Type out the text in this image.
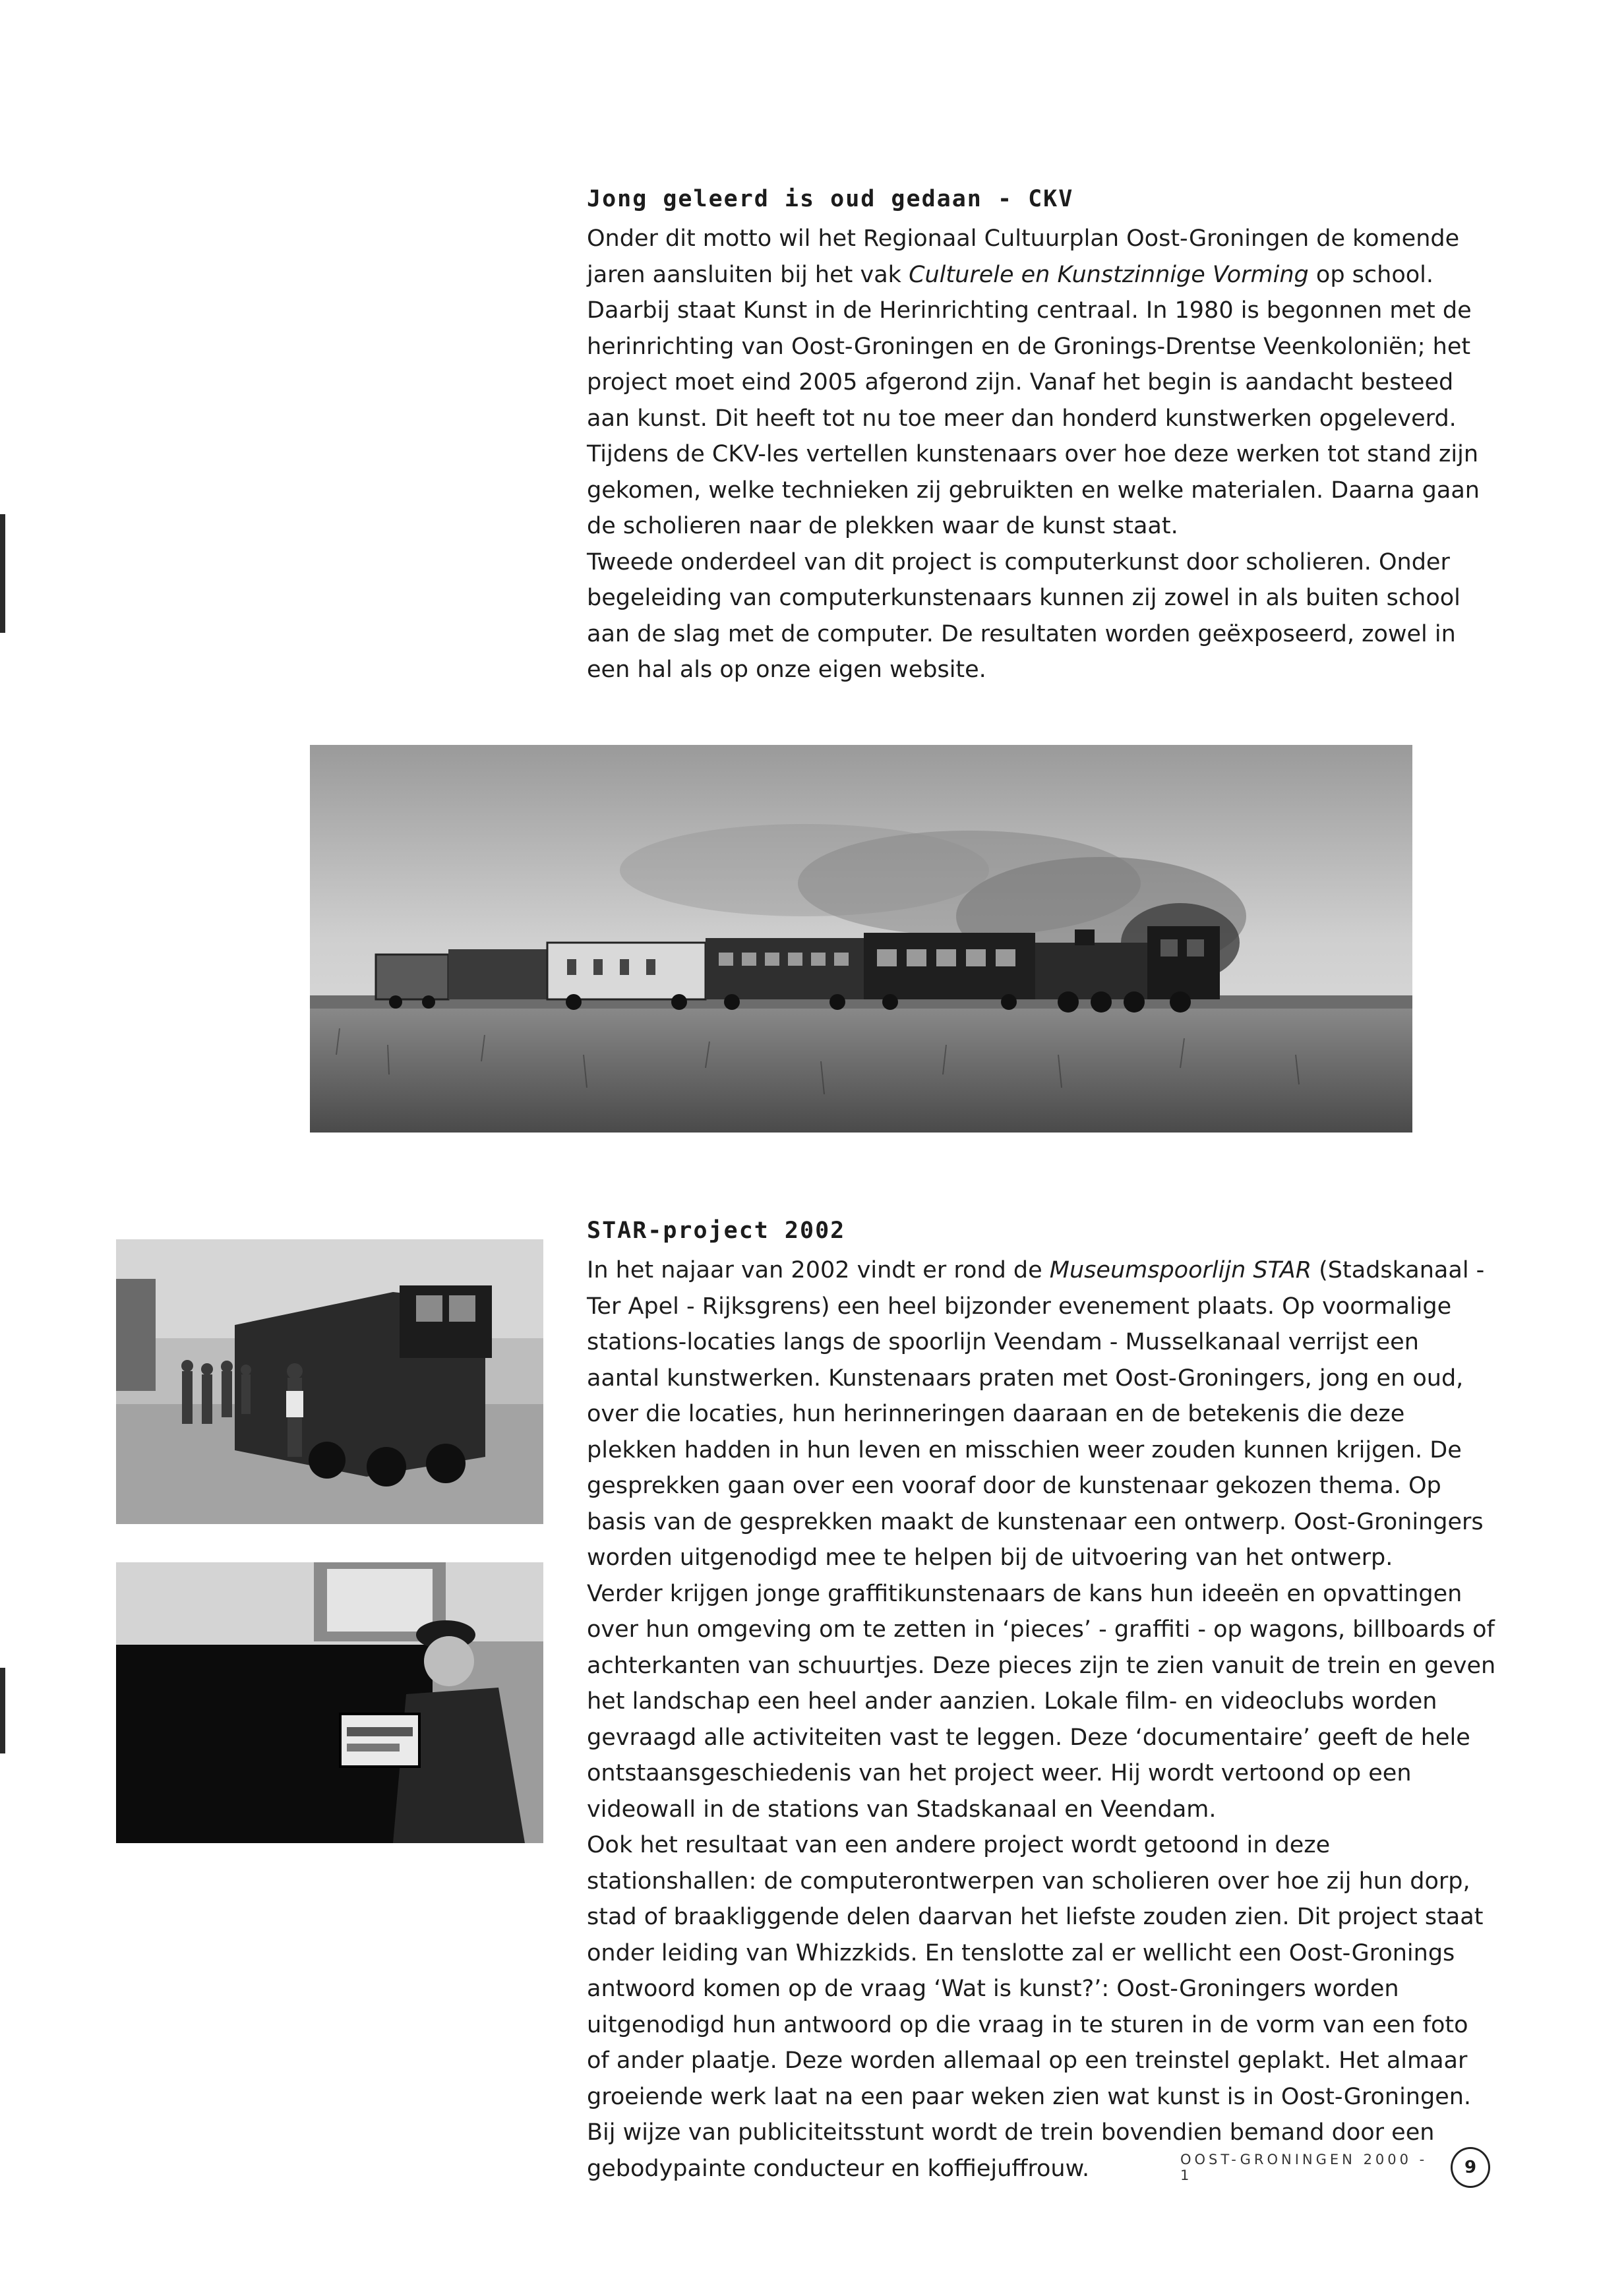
Jong geleerd is oud gedaan - CKV

Onder dit motto wil het Regionaal Cultuurplan Oost-Groningen de komende jaren aansluiten bij het vak Culturele en Kunstzinnige Vorming op school. Daarbij staat Kunst in de Herinrichting centraal. In 1980 is begonnen met de herinrichting van Oost-Groningen en de Gronings-Drentse Veenkoloniën; het project moet eind 2005 afgerond zijn. Vanaf het begin is aandacht besteed aan kunst. Dit heeft tot nu toe meer dan honderd kunstwerken opgeleverd. Tijdens de CKV-les vertellen kunstenaars over hoe deze werken tot stand zijn gekomen, welke technieken zij gebruikten en welke materialen. Daarna gaan de scholieren naar de plekken waar de kunst staat.

Tweede onderdeel van dit project is computerkunst door scholieren. Onder begeleiding van computerkunstenaars kunnen zij zowel in als buiten school aan de slag met de computer. De resultaten worden geëxposeerd, zowel in een hal als op onze eigen website.

STAR-project 2002

In het najaar van 2002 vindt er rond de Museumspoorlijn STAR (Stadskanaal - Ter Apel - Rijksgrens) een heel bijzonder evenement plaats. Op voormalige stations-locaties langs de spoorlijn Veendam - Musselkanaal verrijst een aantal kunstwerken. Kunstenaars praten met Oost-Groningers, jong en oud, over die locaties, hun herinneringen daaraan en de betekenis die deze plekken hadden in hun leven en misschien weer zouden kunnen krijgen. De gesprekken gaan over een vooraf door de kunstenaar gekozen thema. Op basis van de gesprekken maakt de kunstenaar een ontwerp. Oost-Groningers worden uitgenodigd mee te helpen bij de uitvoering van het ontwerp.

Verder krijgen jonge graffitikunstenaars de kans hun ideeën en opvattingen over hun omgeving om te zetten in ‘pieces’ - graffiti - op wagons, billboards of achterkanten van schuurtjes. Deze pieces zijn te zien vanuit de trein en geven het landschap een heel ander aanzien. Lokale film- en videoclubs worden gevraagd alle activiteiten vast te leggen. Deze ‘documentaire’ geeft de hele ontstaansgeschiedenis van het project weer. Hij wordt vertoond op een videowall in de stations van Stadskanaal en Veendam.

Ook het resultaat van een andere project wordt getoond in deze stationshallen: de computerontwerpen van scholieren over hoe zij hun dorp, stad of braakliggende delen daarvan het liefste zouden zien. Dit project staat onder leiding van Whizzkids. En tenslotte zal er wellicht een Oost-Gronings antwoord komen op de vraag ‘Wat is kunst?’: Oost-Groningers worden uitgenodigd hun antwoord op die vraag in te sturen in de vorm van een foto of ander plaatje. Deze worden allemaal op een treinstel geplakt. Het almaar groeiende werk laat na een paar weken zien wat kunst is in Oost-Groningen. Bij wijze van publiciteitsstunt wordt de trein bovendien bemand door een gebodypainte conducteur en koffiejuffrouw.	OOST-GRONINGEN 2000 - 1	9
